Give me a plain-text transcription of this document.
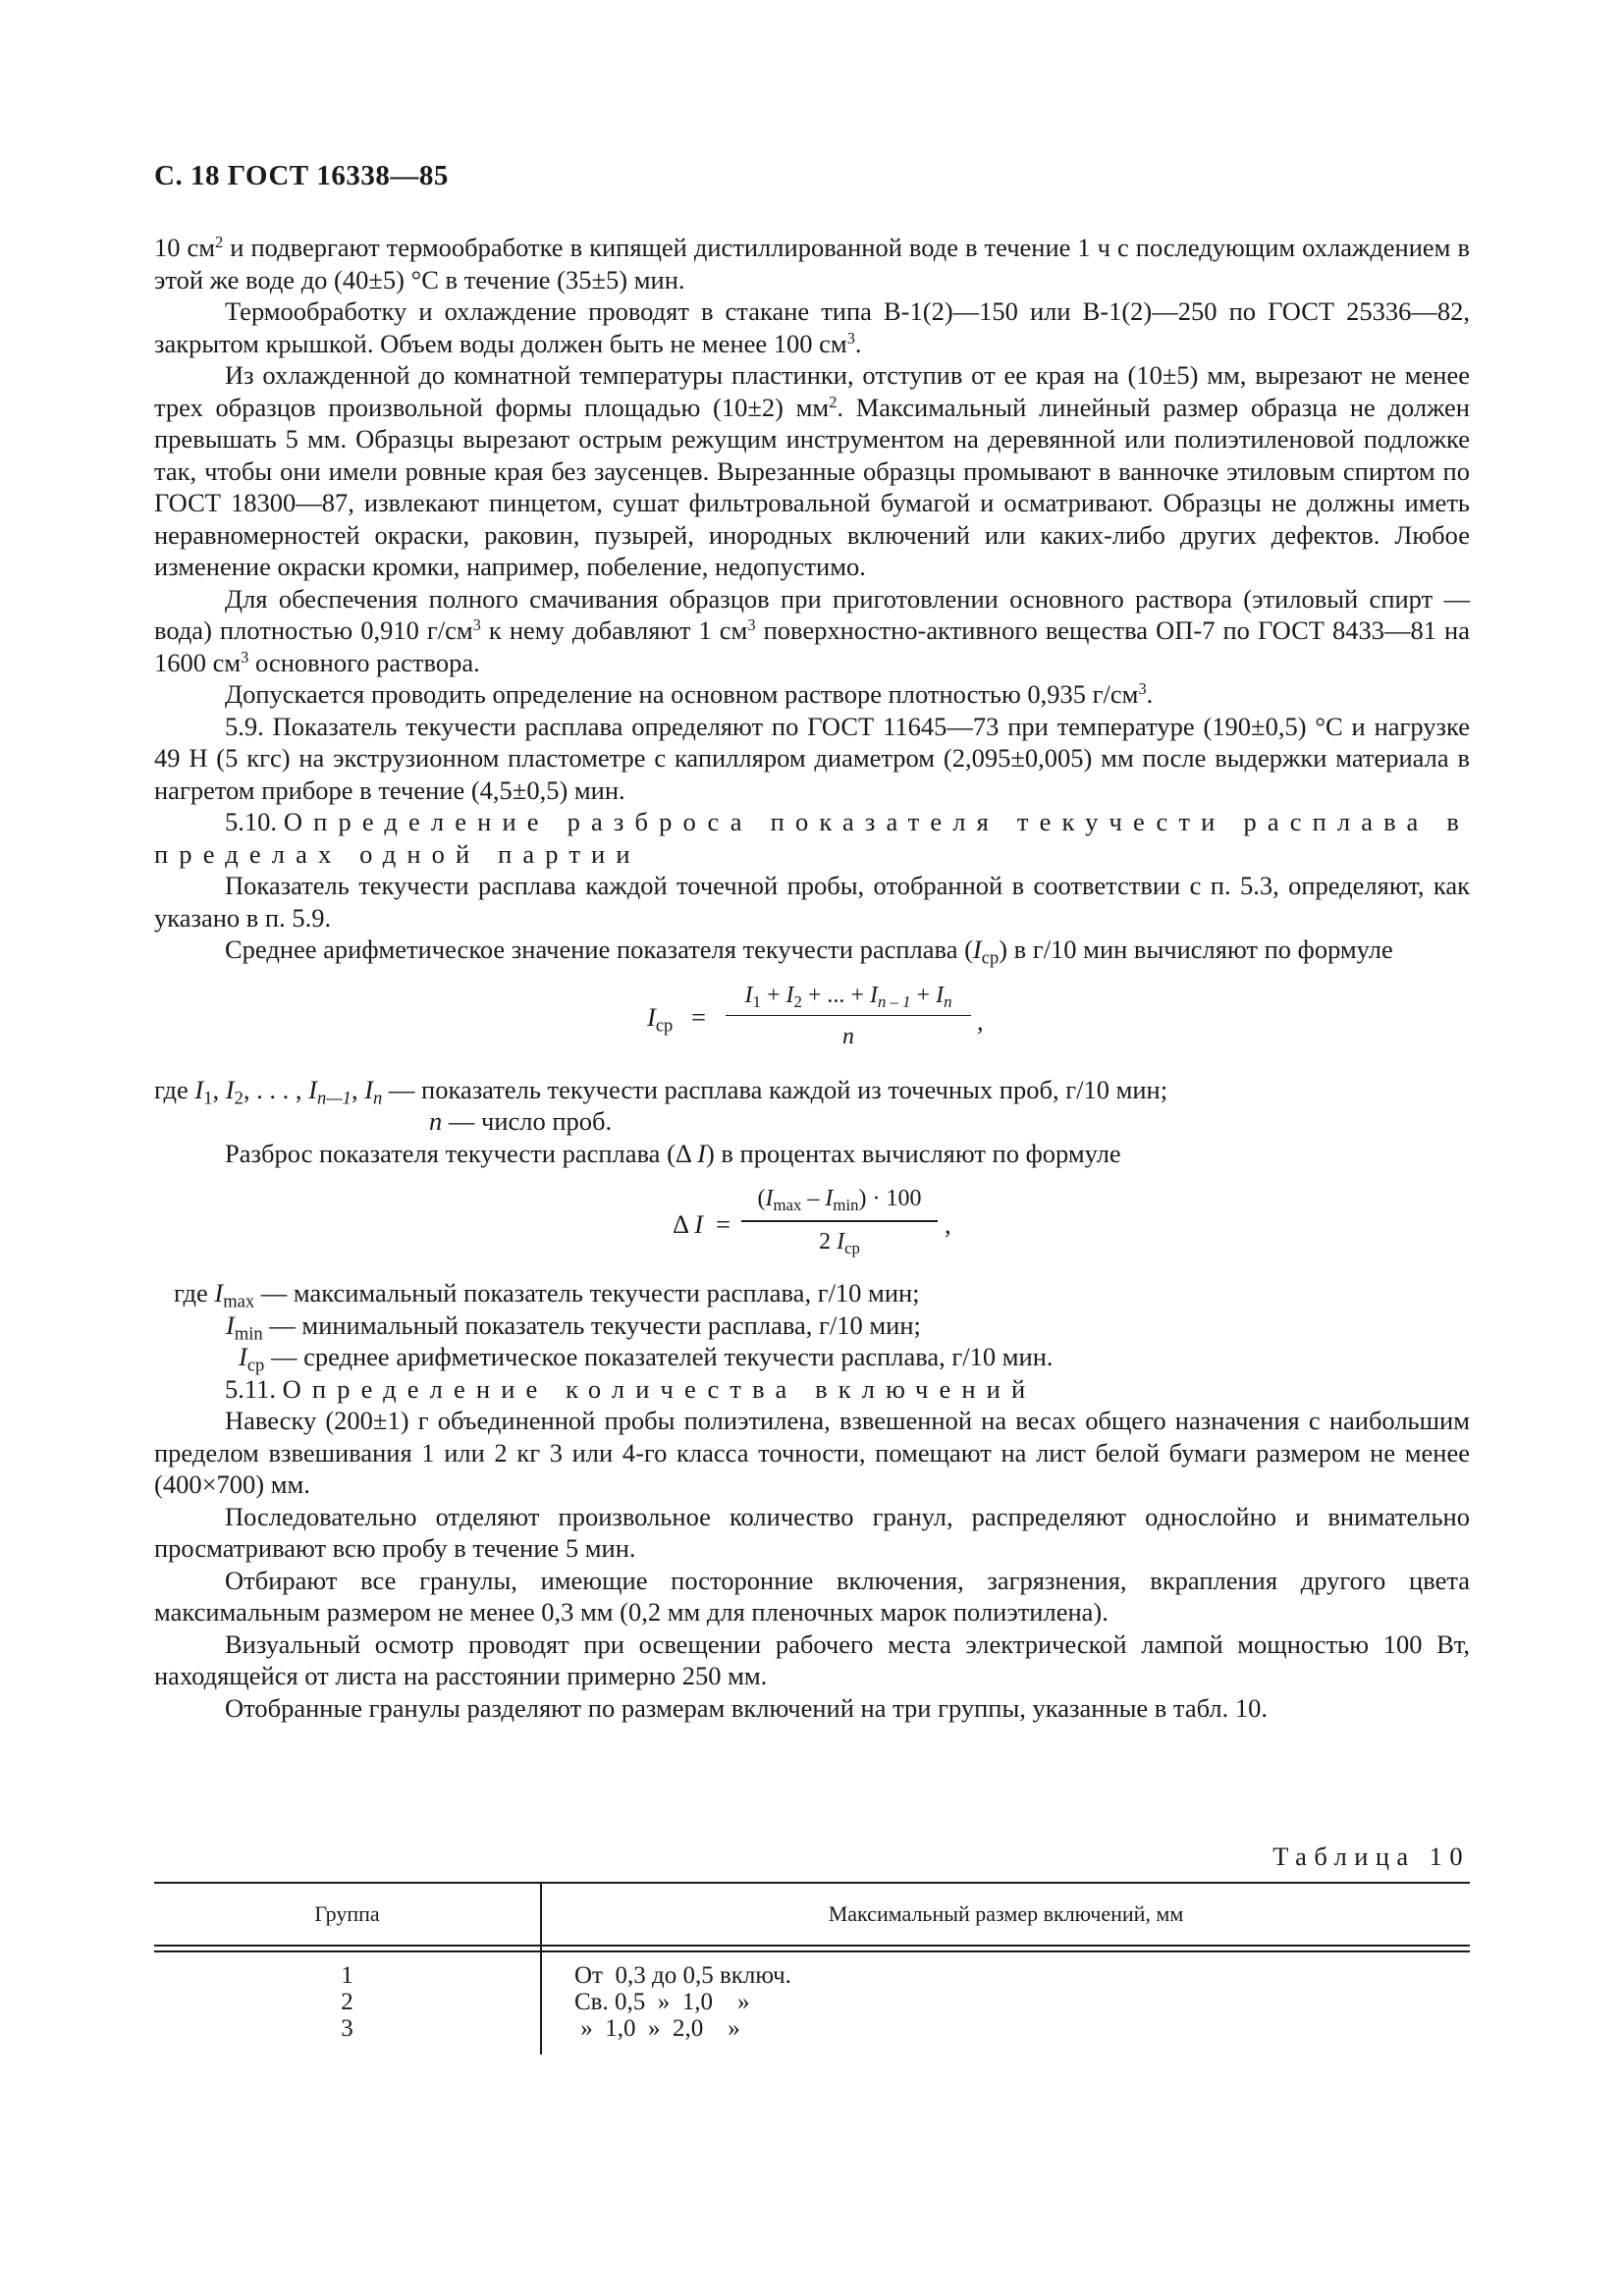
С. 18 ГОСТ 16338—85

10 $см^2$ и подвергают термообработке в кипящей дистиллированной воде в течение 1 ч с последующим охлаждением в этой же воде до (40±5) °С в течение (35±5) мин.

Термообработку и охлаждение проводят в стакане типа В-1(2)—150 или В-1(2)—250 по ГОСТ 25336—82, закрытом крышкой. Объем воды должен быть не менее 100 $см^3$.

Из охлажденной до комнатной температуры пластинки, отступив от ее края на (10±5) мм, вырезают не менее трех образцов произвольной формы площадью (10±2) $мм^2$. Максимальный линейный размер образца не должен превышать 5 мм. Образцы вырезают острым режущим инструментом на деревянной или полиэтиленовой подложке так, чтобы они имели ровные края без заусенцев. Вырезанные образцы промывают в ванночке этиловым спиртом по ГОСТ 18300—87, извлекают пинцетом, сушат фильтровальной бумагой и осматривают. Образцы не должны иметь неравномерностей окраски, раковин, пузырей, инородных включений или каких-либо других дефектов. Любое изменение окраски кромки, например, побеление, недопустимо.

Для обеспечения полного смачивания образцов при приготовлении основного раствора (этиловый спирт — вода) плотностью 0,910 $г/см^3$ к нему добавляют 1 $см^3$ поверхностно-активного вещества ОП-7 по ГОСТ 8433—81 на 1600 $см^3$ основного раствора.

Допускается проводить определение на основном растворе плотностью 0,935 $г/см^3$.

5.9. Показатель текучести расплава определяют по ГОСТ 11645—73 при температуре (190±0,5) °С и нагрузке 49 Н (5 кгс) на экструзионном пластометре с капилляром диаметром (2,095±0,005) мм после выдержки материала в нагретом приборе в течение (4,5±0,5) мин.

5.10. Определение разброса показателя текучести расплава в пределах одной партии

Показатель текучести расплава каждой точечной пробы, отобранной в соответствии с п. 5.3, определяют, как указано в п. 5.9.

Среднее арифметическое значение показателя текучести расплава $(I_{ср})$ в г/10 мин вычисляют по формуле

$I_{ср}$ =
$I_1 + I_2$ + ... + $I_{n - 1} + I_n$
n
,
где $I_1$, $I_2$, . . . , $I_{n—1}$, $I_n$ — показатель текучести расплава каждой из точечных проб, г/10 мин;
n — число проб.

Разброс показателя текучести расплава (Δ I) в процентах вычисляют по формуле

Δ I =
$(I_{max} - I_{min}) \cdot 100$
2 $I_{ср}$
,
где $I_{max}$ — максимальный показатель текучести расплава, г/10 мин;
$I_{min}$ — минимальный показатель текучести расплава, г/10 мин;
$I_{ср}$ — среднее арифметическое показателей текучести расплава, г/10 мин.

5.11. Определение количества включений

Навеску (200±1) г объединенной пробы полиэтилена, взвешенной на весах общего назначения с наибольшим пределом взвешивания 1 или 2 кг 3 или 4-го класса точности, помещают на лист белой бумаги размером не менее (400×700) мм.

Последовательно отделяют произвольное количество гранул, распределяют однослойно и внимательно просматривают всю пробу в течение 5 мин.

Отбирают все гранулы, имеющие посторонние включения, загрязнения, вкрапления другого цвета максимальным размером не менее 0,3 мм (0,2 мм для пленочных марок полиэтилена).

Визуальный осмотр проводят при освещении рабочего места электрической лампой мощностью 100 Вт, находящейся от листа на расстоянии примерно 250 мм.

Отобранные гранулы разделяют по размерам включений на три группы, указанные в табл. 10.

Таблица 10
Группа	Максимальный размер включений, мм
1	От  0,3 до 0,5 включ.
2	Св. 0,5  »  1,0    »
3	»  1,0  »  2,0    »
